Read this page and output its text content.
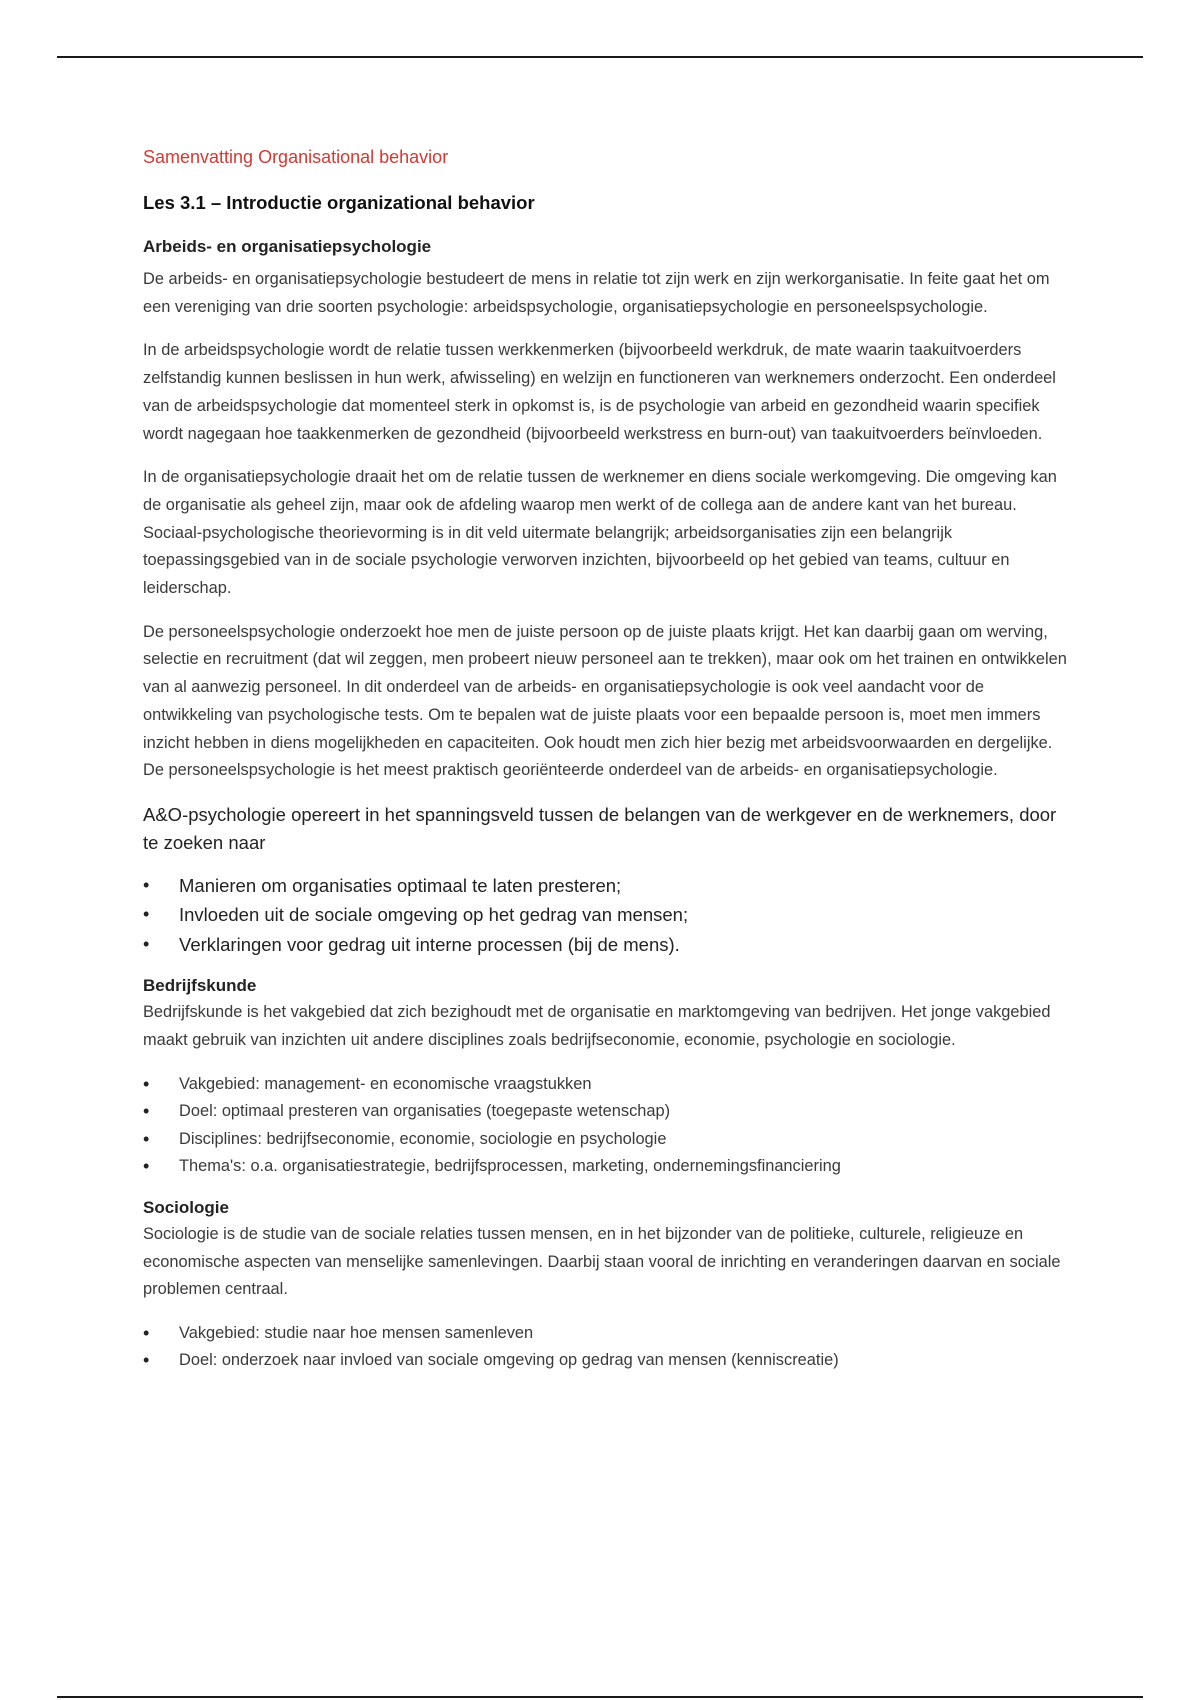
Samenvatting Organisational behavior
Les 3.1 – Introductie organizational behavior
Arbeids- en organisatiepsychologie

De arbeids- en organisatiepsychologie bestudeert de mens in relatie tot zijn werk en zijn werkorganisatie. In feite gaat het om een vereniging van drie soorten psychologie: arbeidspsychologie, organisatiepsychologie en personeelspsychologie.

In de arbeidspsychologie wordt de relatie tussen werkkenmerken (bijvoorbeeld werkdruk, de mate waarin taakuitvoerders zelfstandig kunnen beslissen in hun werk, afwisseling) en welzijn en functioneren van werknemers onderzocht. Een onderdeel van de arbeidspsychologie dat momenteel sterk in opkomst is, is de psychologie van arbeid en gezondheid waarin specifiek wordt nagegaan hoe taakkenmerken de gezondheid (bijvoorbeeld werkstress en burn-out) van taakuitvoerders beïnvloeden.

In de organisatiepsychologie draait het om de relatie tussen de werknemer en diens sociale werkomgeving. Die omgeving kan de organisatie als geheel zijn, maar ook de afdeling waarop men werkt of de collega aan de andere kant van het bureau. Sociaal-psychologische theorievorming is in dit veld uitermate belangrijk; arbeidsorganisaties zijn een belangrijk toepassingsgebied van in de sociale psychologie verworven inzichten, bijvoorbeeld op het gebied van teams, cultuur en leiderschap.

De personeelspsychologie onderzoekt hoe men de juiste persoon op de juiste plaats krijgt. Het kan daarbij gaan om werving, selectie en recruitment (dat wil zeggen, men probeert nieuw personeel aan te trekken), maar ook om het trainen en ontwikkelen van al aanwezig personeel. In dit onderdeel van de arbeids- en organisatiepsychologie is ook veel aandacht voor de ontwikkeling van psychologische tests. Om te bepalen wat de juiste plaats voor een bepaalde persoon is, moet men immers inzicht hebben in diens mogelijkheden en capaciteiten. Ook houdt men zich hier bezig met arbeidsvoorwaarden en dergelijke. De personeelspsychologie is het meest praktisch georiënteerde onderdeel van de arbeids- en organisatiepsychologie.

A&O-psychologie opereert in het spanningsveld tussen de belangen van de werkgever en de werknemers, door te zoeken naar

• Manieren om organisaties optimaal te laten presteren;
• Invloeden uit de sociale omgeving op het gedrag van mensen;
• Verklaringen voor gedrag uit interne processen (bij de mens).
Bedrijfskunde

Bedrijfskunde is het vakgebied dat zich bezighoudt met de organisatie en marktomgeving van bedrijven. Het jonge vakgebied maakt gebruik van inzichten uit andere disciplines zoals bedrijfseconomie, economie, psychologie en sociologie.

• Vakgebied: management- en economische vraagstukken
• Doel: optimaal presteren van organisaties (toegepaste wetenschap)
• Disciplines: bedrijfseconomie, economie, sociologie en psychologie
• Thema's: o.a. organisatiestrategie, bedrijfsprocessen, marketing, ondernemingsfinanciering
Sociologie

Sociologie is de studie van de sociale relaties tussen mensen, en in het bijzonder van de politieke, culturele, religieuze en economische aspecten van menselijke samenlevingen. Daarbij staan vooral de inrichting en veranderingen daarvan en sociale problemen centraal.

• Vakgebied: studie naar hoe mensen samenleven
• Doel: onderzoek naar invloed van sociale omgeving op gedrag van mensen (kenniscreatie)
